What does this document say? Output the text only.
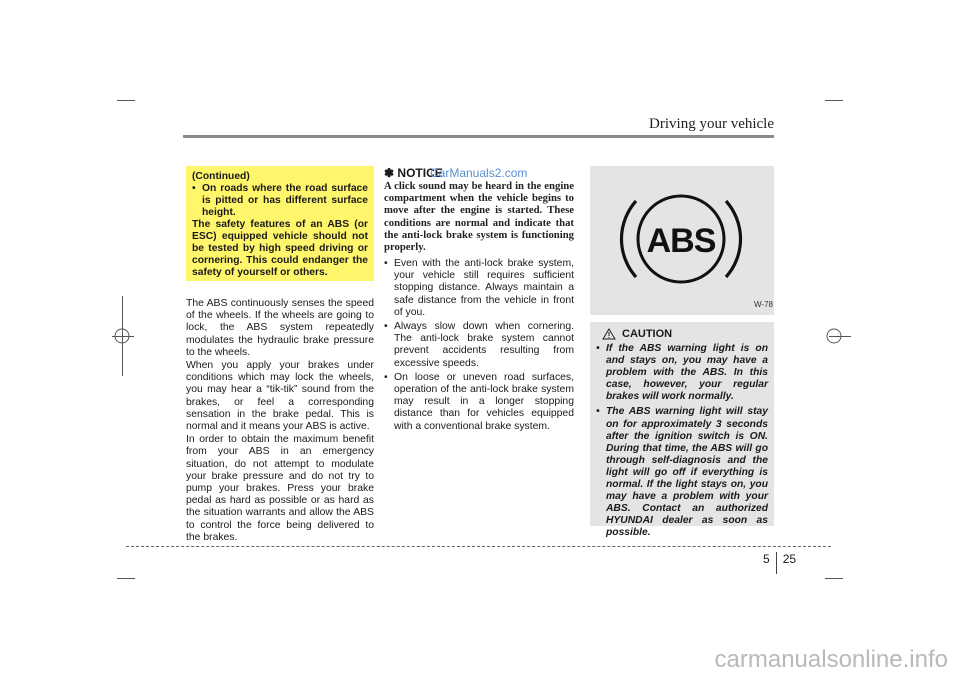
Driving your vehicle
(Continued)
• On roads where the road surface is pitted or has different surface height.
The safety features of an ABS (or ESC) equipped vehicle should not be tested by high speed driving or cornering. This could endanger the safety of yourself or others.

The ABS continuously senses the speed of the wheels. If the wheels are going to lock, the ABS system repeatedly modulates the hydraulic brake pressure to the wheels.

When you apply your brakes under conditions which may lock the wheels, you may hear a “tik-tik” sound from the brakes, or feel a corresponding sensation in the brake pedal. This is normal and it means your ABS is active.

In order to obtain the maximum benefit from your ABS in an emergency situation, do not attempt to modulate your brake pressure and do not try to pump your brakes. Press your brake pedal as hard as possible or as hard as the situation warrants and allow the ABS to control the force being delivered to the brakes.

✽ NOTICE
CarManuals2.com
A click sound may be heard in the engine compartment when the vehicle begins to move after the engine is started. These conditions are normal and indicate that the anti-lock brake system is functioning properly.
• Even with the anti-lock brake system, your vehicle still requires sufficient stopping distance. Always maintain a safe distance from the vehicle in front of you.
• Always slow down when cornering. The anti-lock brake system cannot prevent accidents resulting from excessive speeds.
• On loose or uneven road surfaces, operation of the anti-lock brake system may result in a longer stopping distance than for vehicles equipped with a conventional brake system.
ABS
W-78
CAUTION
• If the ABS warning light is on and stays on, you may have a problem with the ABS. In this case, however, your regular brakes will work normally.
• The ABS warning light will stay on for approximately 3 seconds after the ignition switch is ON. During that time, the ABS will go through self-diagnosis and the light will go off if everything is normal. If the light stays on, you may have a problem with your ABS. Contact an authorized HYUNDAI dealer as soon as possible.
5 25
carmanualsonline.info
